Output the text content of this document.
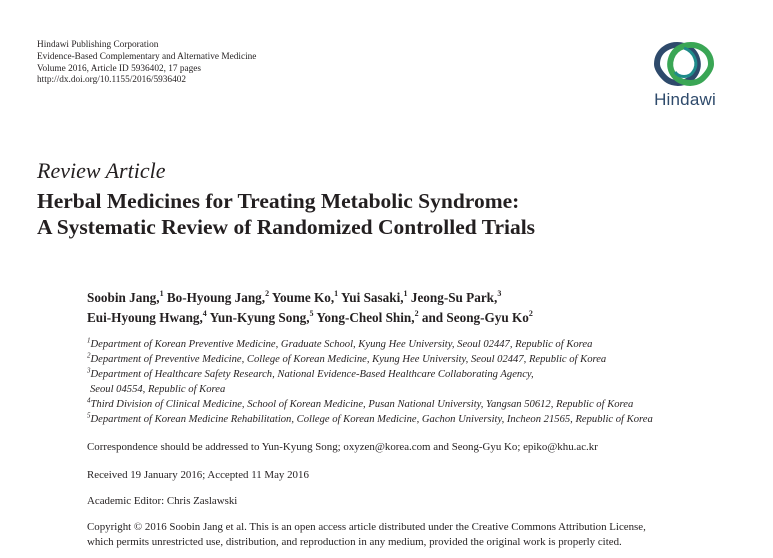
Hindawi Publishing Corporation
Evidence-Based Complementary and Alternative Medicine
Volume 2016, Article ID 5936402, 17 pages
http://dx.doi.org/10.1155/2016/5936402
Hindawi
Review Article
Herbal Medicines for Treating Metabolic Syndrome:
A Systematic Review of Randomized Controlled Trials
Soobin Jang,$^1$ Bo-Hyoung Jang,$^2$ Youme Ko,$^1$ Yui Sasaki,$^1$ Jeong-Su Park,$^3$
Eui-Hyoung Hwang,$^4$ Yun-Kyung Song,$^5$ Yong-Cheol Shin,$^2$ and Seong-Gyu Ko$^2$
$^1$Department of Korean Preventive Medicine, Graduate School, Kyung Hee University, Seoul 02447, Republic of Korea
$^2$Department of Preventive Medicine, College of Korean Medicine, Kyung Hee University, Seoul 02447, Republic of Korea
$^3$Department of Healthcare Safety Research, National Evidence-Based Healthcare Collaborating Agency,
Seoul 04554, Republic of Korea
$^4$Third Division of Clinical Medicine, School of Korean Medicine, Pusan National University, Yangsan 50612, Republic of Korea
$^5$Department of Korean Medicine Rehabilitation, College of Korean Medicine, Gachon University, Incheon 21565, Republic of Korea
Correspondence should be addressed to Yun-Kyung Song; oxyzen@korea.com and Seong-Gyu Ko; epiko@khu.ac.kr
Received 19 January 2016; Accepted 11 May 2016
Academic Editor: Chris Zaslawski
Copyright © 2016 Soobin Jang et al. This is an open access article distributed under the Creative Commons Attribution License,
which permits unrestricted use, distribution, and reproduction in any medium, provided the original work is properly cited.
